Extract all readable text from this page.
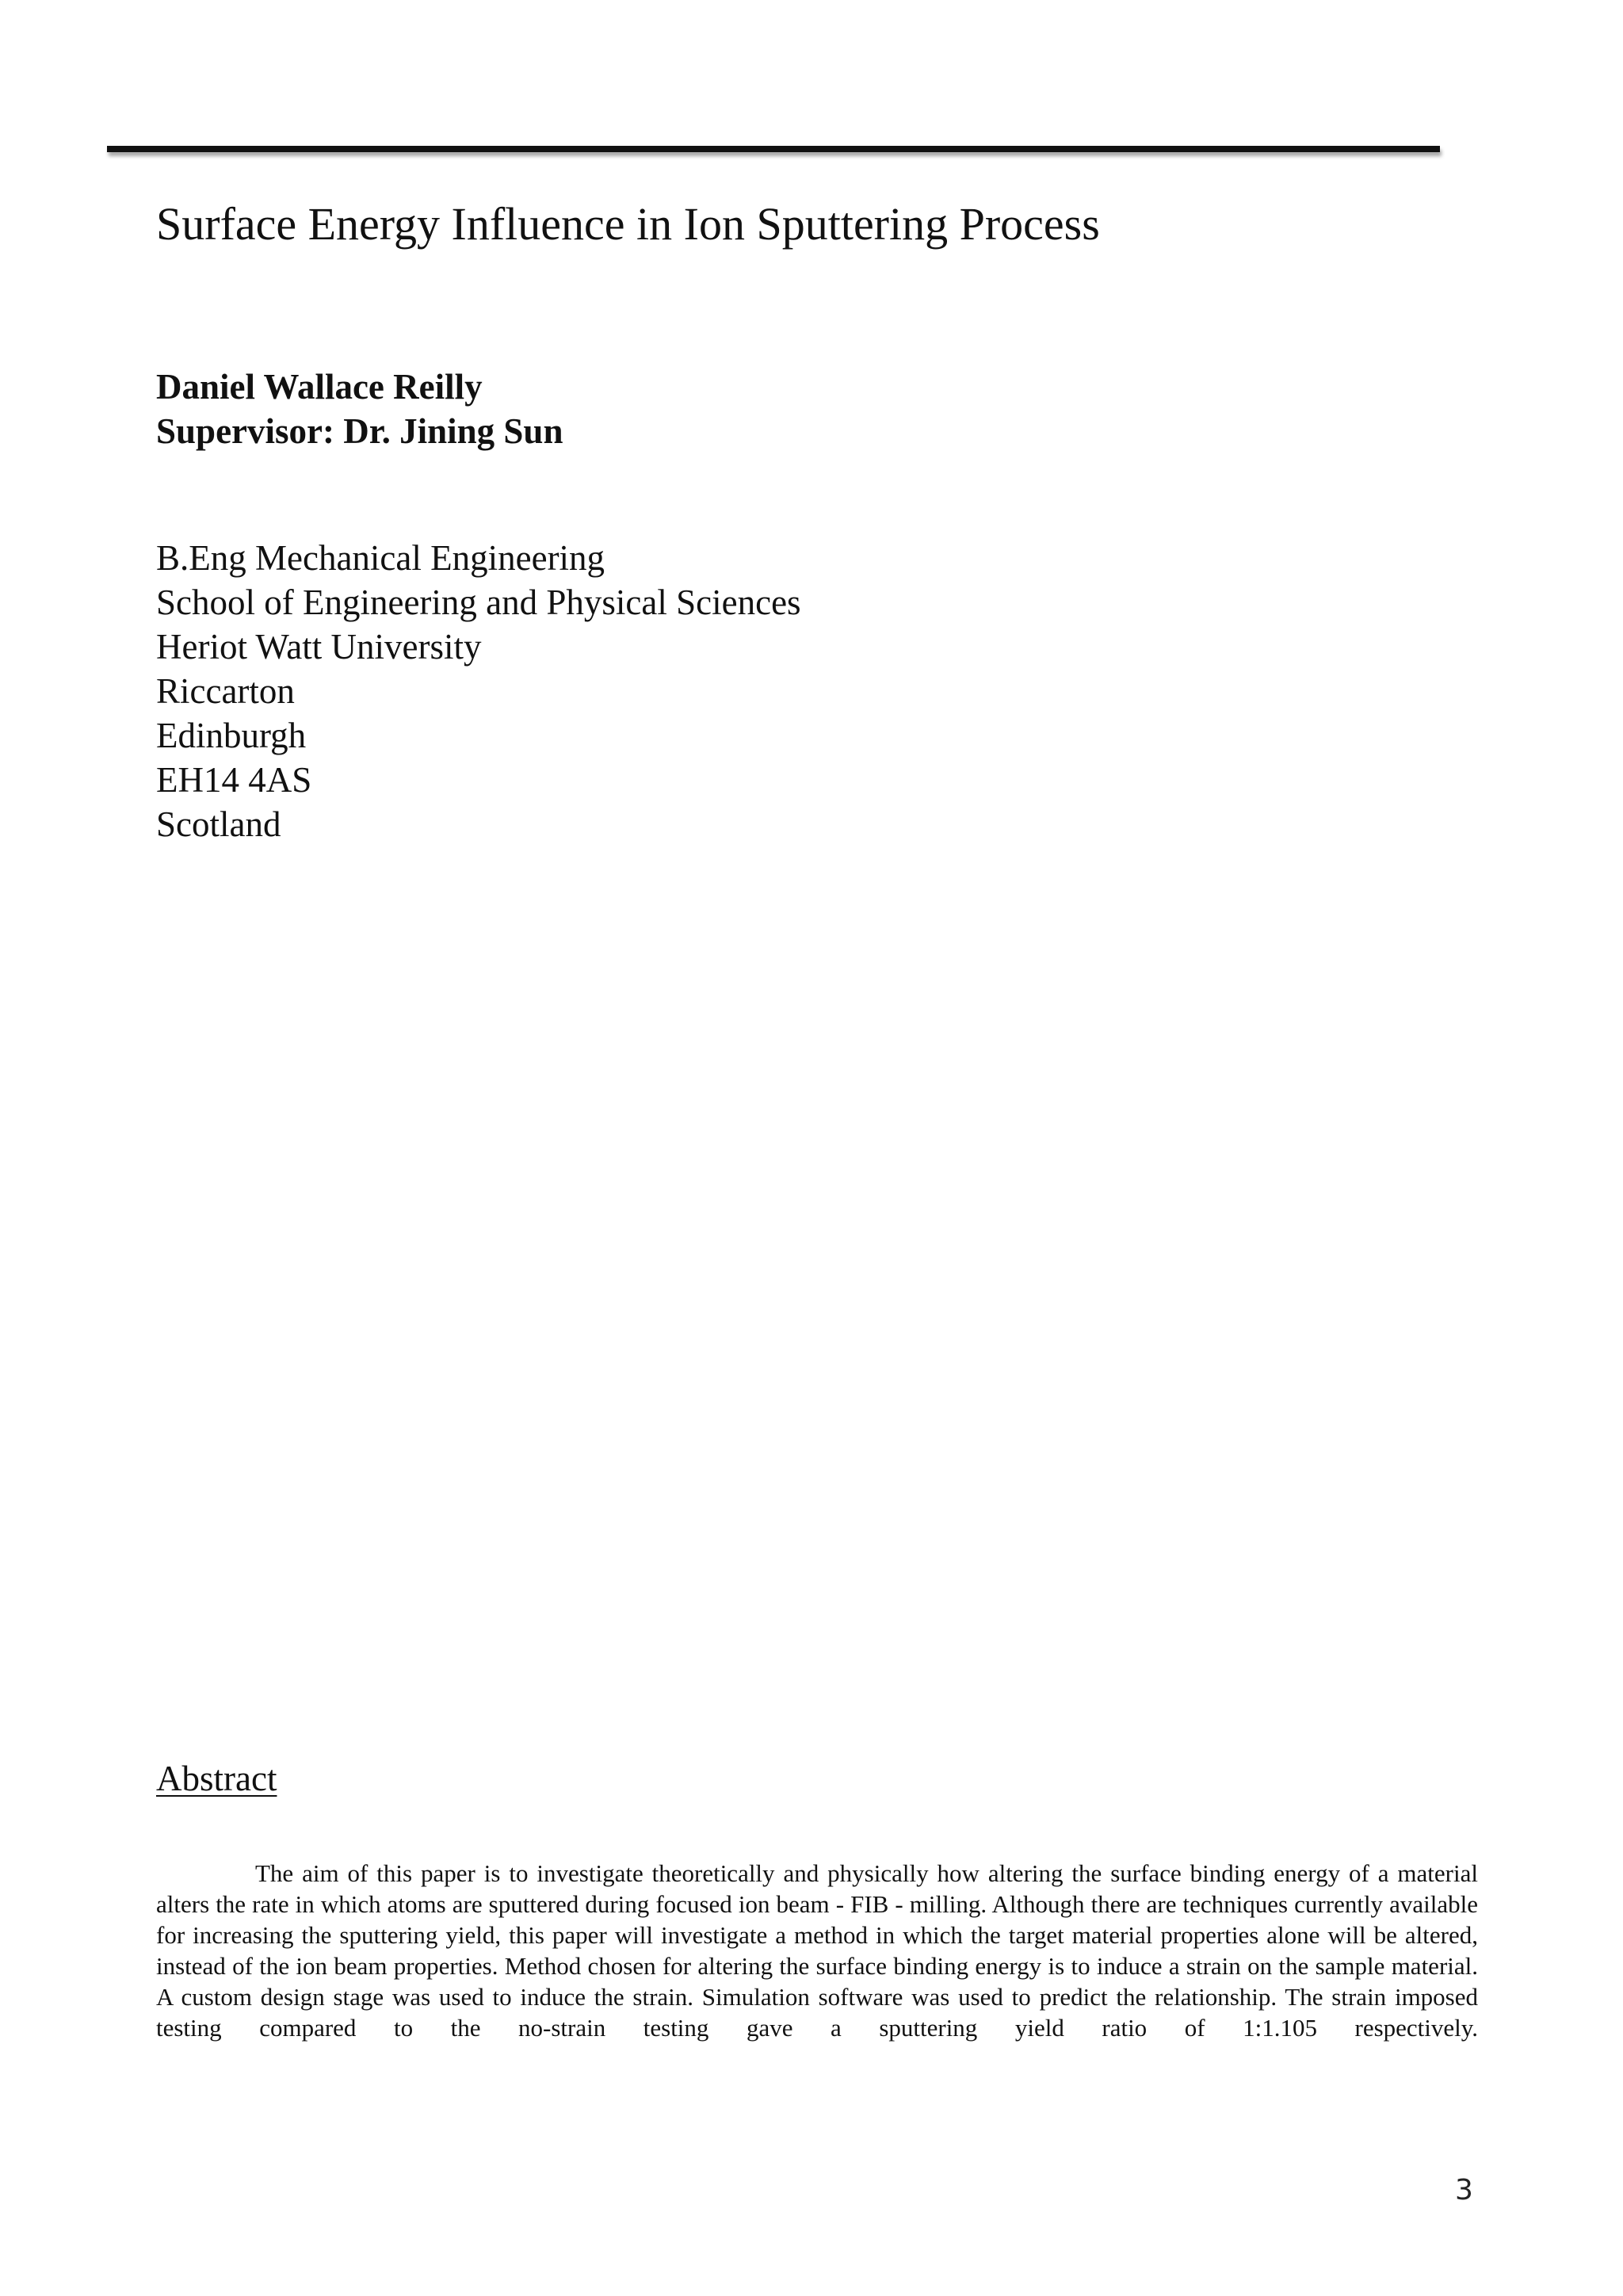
Surface Energy Influence in Ion Sputtering Process
Daniel Wallace Reilly
Supervisor: Dr. Jining Sun
B.Eng Mechanical Engineering
School of Engineering and Physical Sciences
Heriot Watt University
Riccarton
Edinburgh
EH14 4AS
Scotland
Abstract

The aim of this paper is to investigate theoretically and physically how altering the surface binding energy of a material alters the rate in which atoms are sputtered during focused ion beam - FIB - milling. Although there are techniques currently available for increasing the sputtering yield, this paper will investigate a method in which the target material properties alone will be altered, instead of the ion beam properties. Method chosen for altering the surface binding energy is to induce a strain on the sample material. A custom design stage was used to induce the strain. Simulation software was used to predict the relationship. The strain imposed testing compared to the no-strain testing gave a sputtering yield ratio of 1:1.105 respectively.

3
